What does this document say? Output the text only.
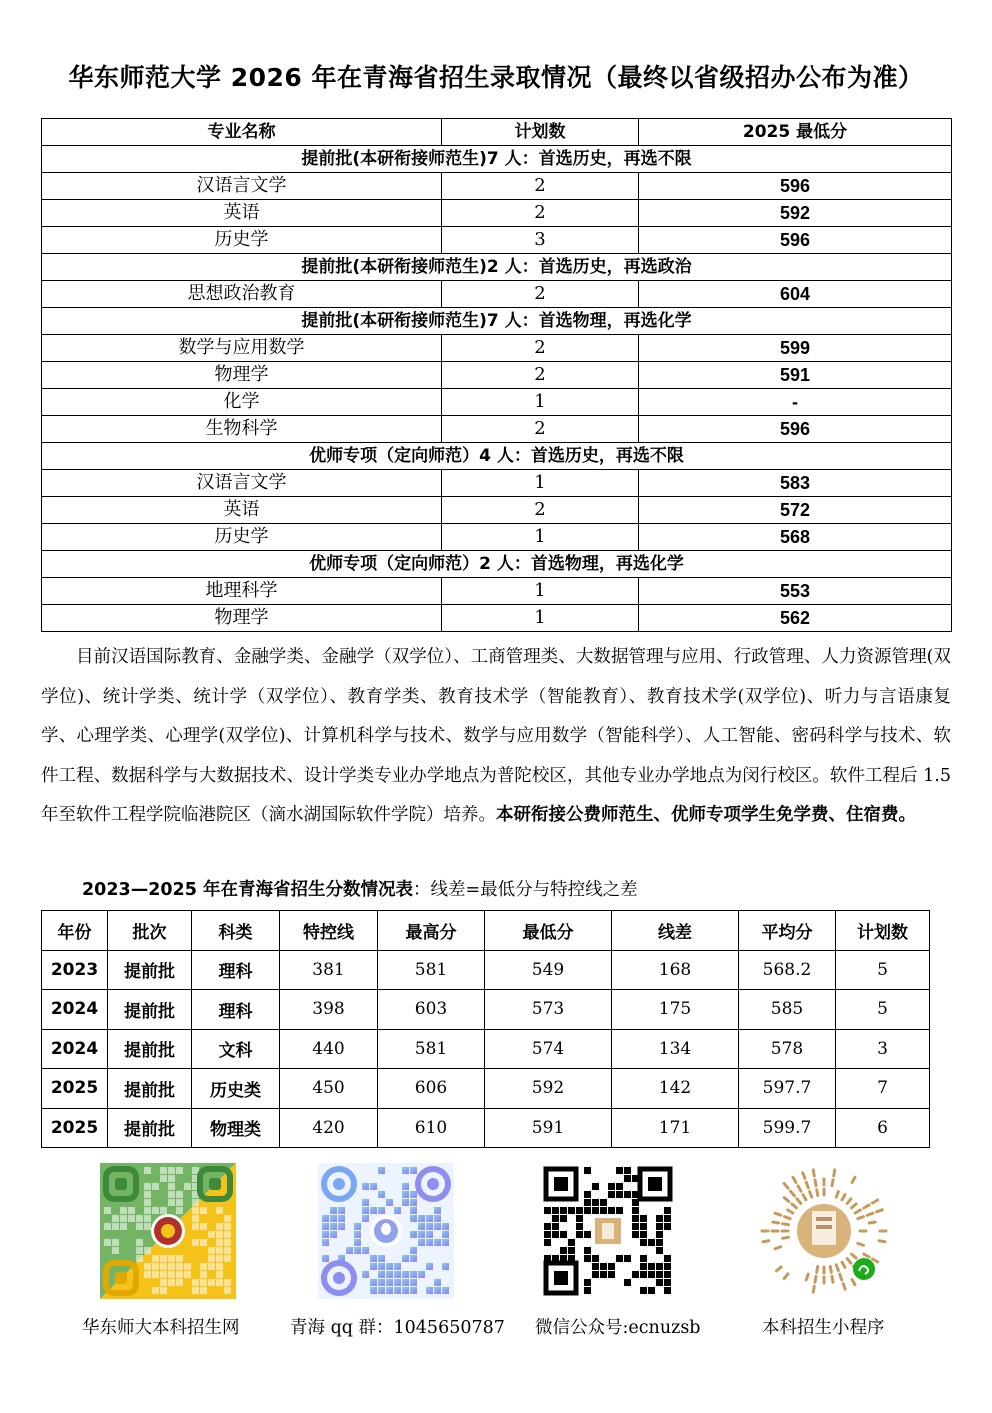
华东师范大学 2026 年在青海省招生录取情况（最终以省级招办公布为准）
专业名称	计划数	2025 最低分
提前批(本研衔接师范生)7 人：首选历史，再选不限		
汉语言文学	2	596
英语	2	592
历史学	3	596
提前批(本研衔接师范生)2 人：首选历史，再选政治		
思想政治教育	2	604
提前批(本研衔接师范生)7 人：首选物理，再选化学		
数学与应用数学	2	599
物理学	2	591
化学	1	-
生物科学	2	596
优师专项（定向师范）4 人：首选历史，再选不限		
汉语言文学	1	583
英语	2	572
历史学	1	568
优师专项（定向师范）2 人：首选物理，再选化学		
地理科学	1	553
物理学	1	562
目前汉语国际教育、金融学类、金融学（双学位）、工商管理类、大数据管理与应用、行政管理、人力资源管理(双学位)、统计学类、统计学（双学位）、教育学类、教育技术学（智能教育）、教育技术学(双学位)、听力与言语康复学、心理学类、心理学(双学位)、计算机科学与技术、数学与应用数学（智能科学）、人工智能、密码科学与技术、软件工程、数据科学与大数据技术、设计学类专业办学地点为普陀校区，其他专业办学地点为闵行校区。软件工程后 1.5 年至软件工程学院临港院区（滴水湖国际软件学院）培养。本研衔接公费师范生、优师专项学生免学费、住宿费。
2023—2025 年在青海省招生分数情况表：线差=最低分与特控线之差
年份	批次	科类	特控线	最高分	最低分	线差	平均分	计划数
2023	提前批	理科	381	581	549	168	568.2	5
2024	提前批	理科	398	603	573	175	585	5
2024	提前批	文科	440	581	574	134	578	3
2025	提前批	历史类	450	606	592	142	597.7	7
2025	提前批	物理类	420	610	591	171	599.7	6
华东师大本科招生网	青海 qq 群：1045650787 微信公众号:ecnuzsb	本科招生小程序
